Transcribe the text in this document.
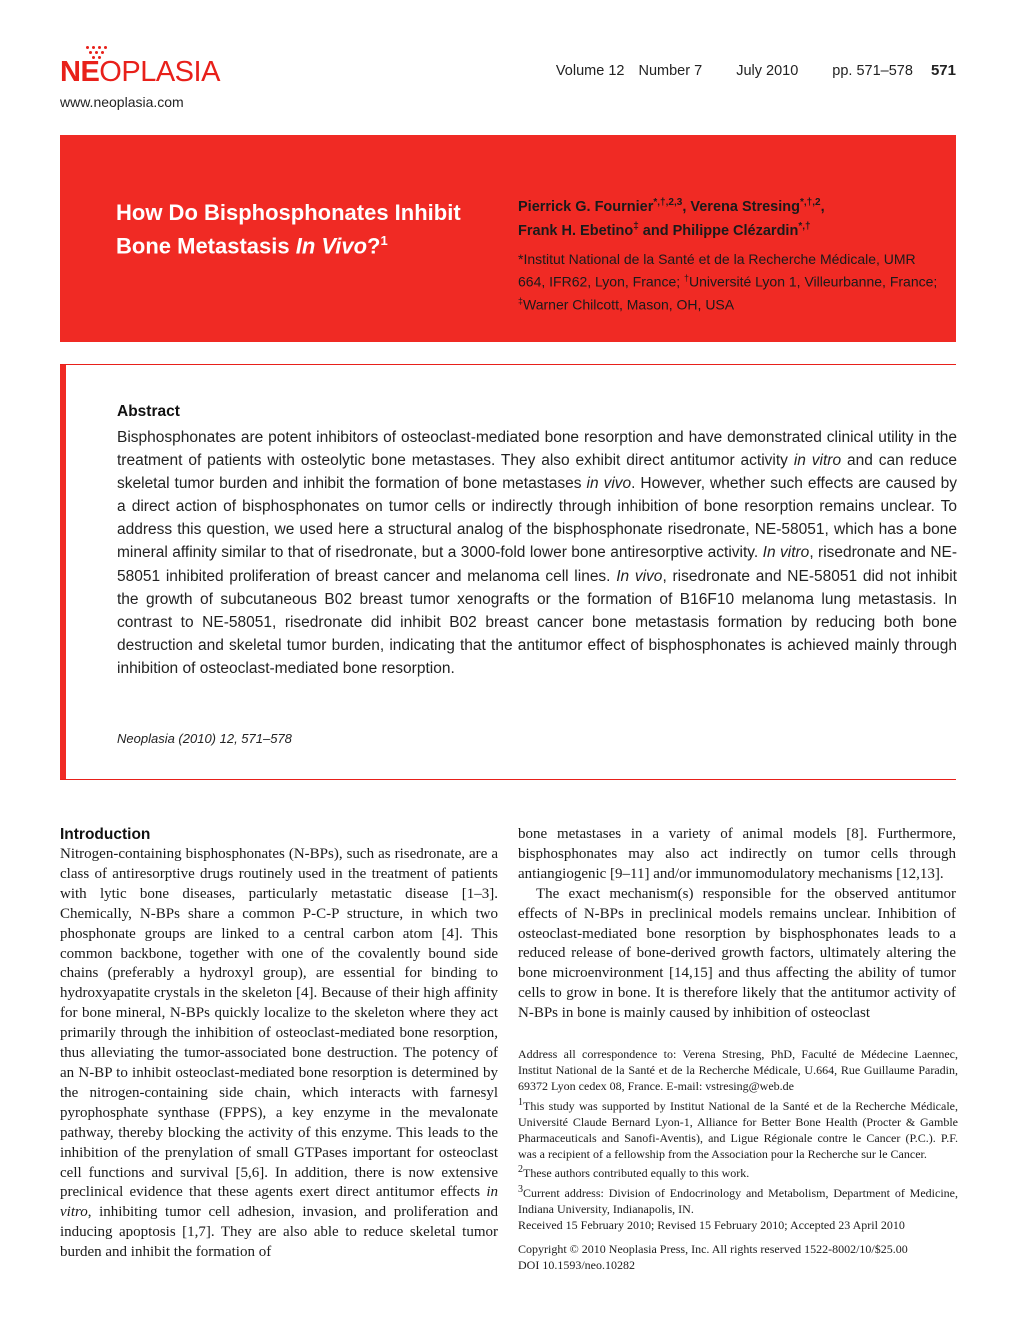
NEOPLASIA
www.neoplasia.com
Volume 12 Number 7 July 2010 pp. 571–578 571
How Do Bisphosphonates Inhibit
Bone Metastasis In Vivo?$^1$
Pierrick G. Fournier$^{*,\dagger,2,3}$, Verena Stresing$^{*,\dagger,2}$,
Frank H. Ebetino‡ and Philippe Clézardin*,†
*Institut National de la Santé et de la Recherche Médicale, UMR 664, IFR62, Lyon, France; †Université Lyon 1, Villeurbanne, France; ‡Warner Chilcott, Mason, OH, USA
Abstract
Bisphosphonates are potent inhibitors of osteoclast-mediated bone resorption and have demonstrated clinical utility in the treatment of patients with osteolytic bone metastases. They also exhibit direct antitumor activity in vitro and can reduce skeletal tumor burden and inhibit the formation of bone metastases in vivo. However, whether such effects are caused by a direct action of bisphosphonates on tumor cells or indirectly through inhibition of bone resorption remains unclear. To address this question, we used here a structural analog of the bisphosphonate risedronate, NE-58051, which has a bone mineral affinity similar to that of risedronate, but a 3000-fold lower bone antiresorptive activity. In vitro, risedronate and NE-58051 inhibited proliferation of breast cancer and melanoma cell lines. In vivo, risedronate and NE-58051 did not inhibit the growth of subcutaneous B02 breast tumor xenografts or the formation of B16F10 melanoma lung metastasis. In contrast to NE-58051, risedronate did inhibit B02 breast cancer bone metastasis formation by reducing both bone destruction and skeletal tumor burden, indicating that the antitumor effect of bisphosphonates is achieved mainly through inhibition of osteoclast-mediated bone resorption.
Neoplasia (2010) 12, 571–578
Introduction

Nitrogen-containing bisphosphonates (N-BPs), such as risedronate, are a class of antiresorptive drugs routinely used in the treatment of patients with lytic bone diseases, particularly metastatic disease [1–3]. Chemically, N-BPs share a common P-C-P structure, in which two phosphonate groups are linked to a central carbon atom [4]. This common backbone, together with one of the covalently bound side chains (preferably a hydroxyl group), are essential for binding to hydroxyapatite crystals in the skeleton [4]. Because of their high affinity for bone mineral, N-BPs quickly localize to the skeleton where they act primarily through the inhibition of osteoclast-mediated bone resorption, thus alleviating the tumor-associated bone destruction. The potency of an N-BP to inhibit osteoclast-mediated bone resorption is determined by the nitrogen-containing side chain, which interacts with farnesyl pyrophosphate synthase (FPPS), a key enzyme in the mevalonate pathway, thereby blocking the activity of this enzyme. This leads to the inhibition of the prenylation of small GTPases important for osteoclast cell functions and survival [5,6]. In addition, there is now extensive preclinical evidence that these agents exert direct antitumor effects in vitro, inhibiting tumor cell adhesion, invasion, and proliferation and inducing apoptosis [1,7]. They are also able to reduce skeletal tumor burden and inhibit the formation of

bone metastases in a variety of animal models [8]. Furthermore, bisphosphonates may also act indirectly on tumor cells through antiangiogenic [9–11] and/or immunomodulatory mechanisms [12,13].

The exact mechanism(s) responsible for the observed antitumor effects of N-BPs in preclinical models remains unclear. Inhibition of osteoclast-mediated bone resorption by bisphosphonates leads to a reduced release of bone-derived growth factors, ultimately altering the bone microenvironment [14,15] and thus affecting the ability of tumor cells to grow in bone. It is therefore likely that the antitumor activity of N-BPs in bone is mainly caused by inhibition of osteoclast

Address all correspondence to: Verena Stresing, PhD, Faculté de Médecine Laennec, Institut National de la Santé et de la Recherche Médicale, U.664, Rue Guillaume Paradin, 69372 Lyon cedex 08, France. E-mail: vstresing@web.de

$^1$This study was supported by Institut National de la Santé et de la Recherche Médicale, Université Claude Bernard Lyon-1, Alliance for Better Bone Health (Procter & Gamble Pharmaceuticals and Sanofi-Aventis), and Ligue Régionale contre le Cancer (P.C.). P.F. was a recipient of a fellowship from the Association pour la Recherche sur le Cancer.

$^2$These authors contributed equally to this work.

$^3$Current address: Division of Endocrinology and Metabolism, Department of Medicine, Indiana University, Indianapolis, IN.

Received 15 February 2010; Revised 15 February 2010; Accepted 23 April 2010

Copyright © 2010 Neoplasia Press, Inc. All rights reserved 1522-8002/10/$25.00

DOI 10.1593/neo.10282
